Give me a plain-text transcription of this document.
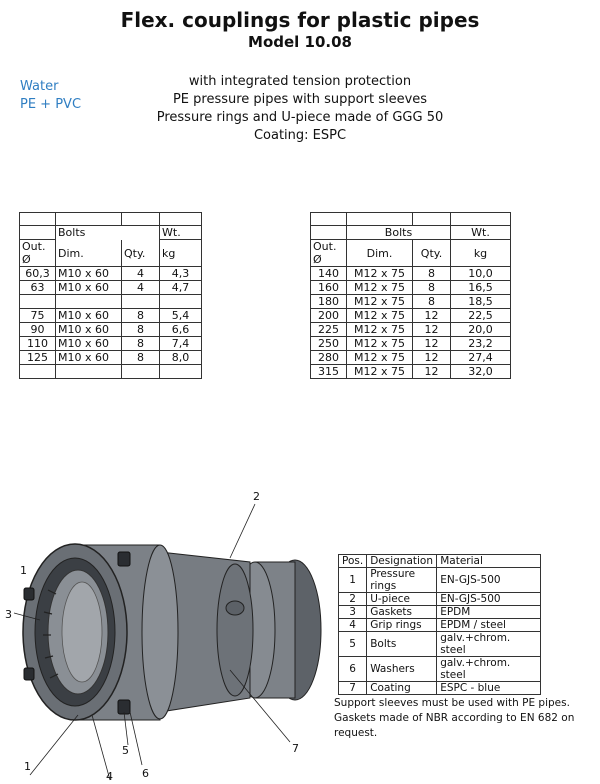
Flex. couplings for plastic pipes
Model 10.08
Water
PE + PVC
with integrated tension protection
PE pressure pipes with support sleeves
Pressure rings and U-piece made of GGG 50
Coating: ESPC

	Bolts		Wt.
Out. Ø	Dim.	Qty.	kg
60,3	M10 x 60	4	4,3
63	M10 x 60	4	4,7

75	M10 x 60	8	5,4
90	M10 x 60	8	6,6
110	M10 x 60	8	7,4
125	M10 x 60	8	8,0

	Bolts		Wt.
Out. Ø	Dim.	Qty.	kg
140	M12 x 75	8	10,0
160	M12 x 75	8	16,5
180	M12 x 75	8	18,5
200	M12 x 75	12	22,5
225	M12 x 75	12	20,0
250	M12 x 75	12	23,2
280	M12 x 75	12	27,4
315	M12 x 75	12	32,0
2
3
1
1
4
5
6
7
Pos.	Designation	Material
1	Pressure rings	EN-GJS-500
2	U-piece	EN-GJS-500
3	Gaskets	EPDM
4	Grip rings	EPDM / steel
5	Bolts	galv.+chrom. steel
6	Washers	galv.+chrom. steel
7	Coating	ESPC - blue
Support sleeves must be used with PE pipes.
Gaskets made of NBR according to EN 682 on request.
